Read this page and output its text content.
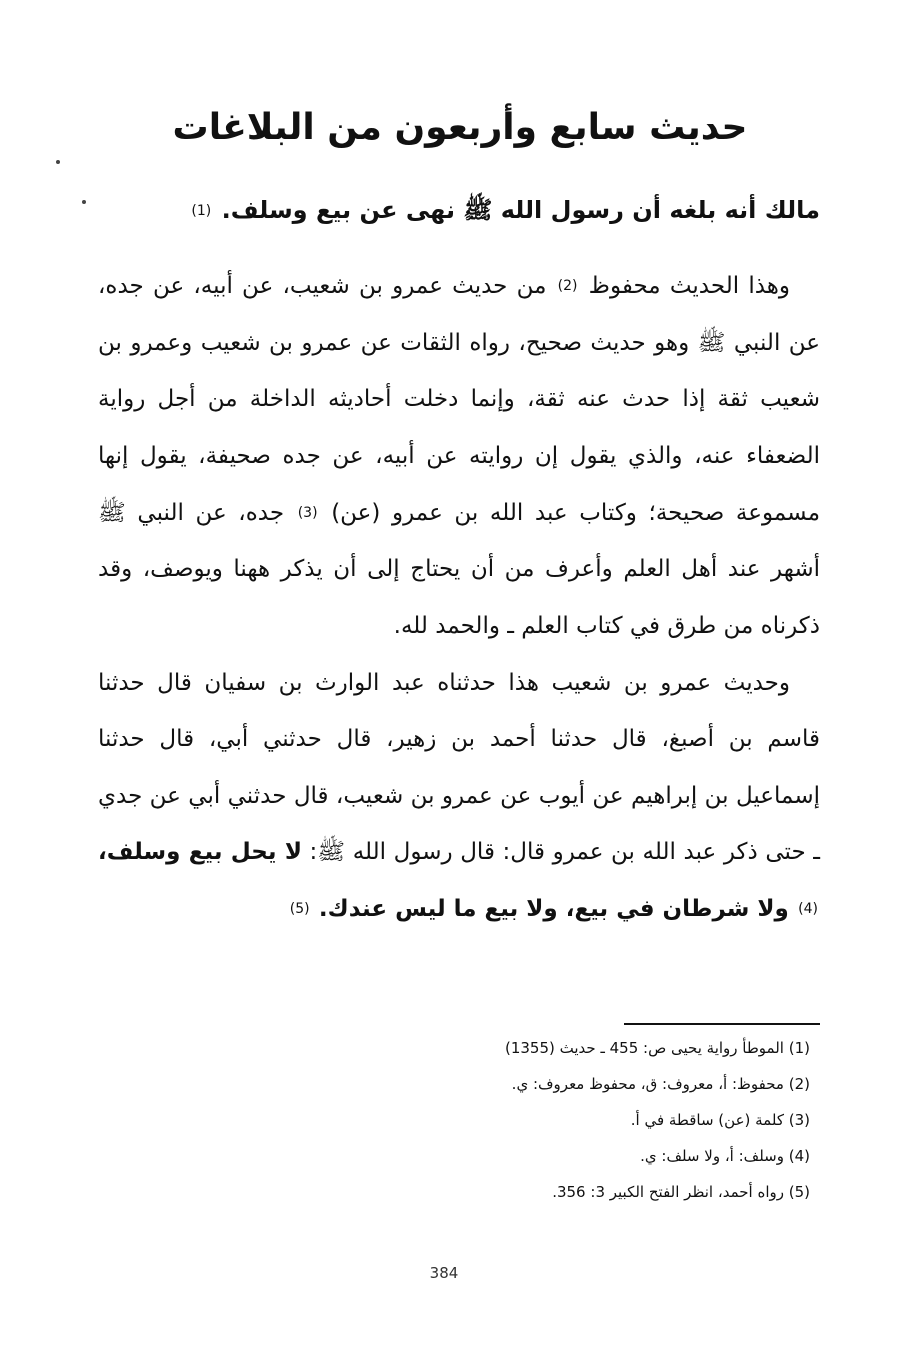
حديث سابع وأربعون من البلاغات

مالك أنه بلغه أن رسول الله ﷺ نهى عن بيع وسلف. (1)

وهذا الحديث محفوظ (2) من حديث عمرو بن شعيب، عن أبيه، عن جده، عن النبي ﷺ وهو حديث صحيح، رواه الثقات عن عمرو بن شعيب وعمرو بن شعيب ثقة إذا حدث عنه ثقة، وإنما دخلت أحاديثه الداخلة من أجل رواية الضعفاء عنه، والذي يقول إن روايته عن أبيه، عن جده صحيفة، يقول إنها مسموعة صحيحة؛ وكتاب عبد الله بن عمرو (عن) (3) جده، عن النبي ﷺ أشهر عند أهل العلم وأعرف من أن يحتاج إلى أن يذكر ههنا ويوصف، وقد ذكرناه من طرق في كتاب العلم ـ والحمد لله.

وحديث عمرو بن شعيب هذا حدثناه عبد الوارث بن سفيان قال حدثنا قاسم بن أصبغ، قال حدثنا أحمد بن زهير، قال حدثني أبي، قال حدثنا إسماعيل بن إبراهيم عن أيوب عن عمرو بن شعيب، قال حدثني أبي عن جدي ـ حتى ذكر عبد الله بن عمرو قال: قال رسول الله ﷺ: لا يحل بيع وسلف، (4) ولا شرطان في بيع، ولا بيع ما ليس عندك. (5)

(1) الموطأ رواية يحيى ص: 455 ـ حديث (1355)
(2) محفوظ: أ، معروف: ق، محفوظ معروف: ي.
(3) كلمة (عن) ساقطة في أ.
(4) وسلف: أ، ولا سلف: ي.
(5) رواه أحمد، انظر الفتح الكبير 3: 356.
384
